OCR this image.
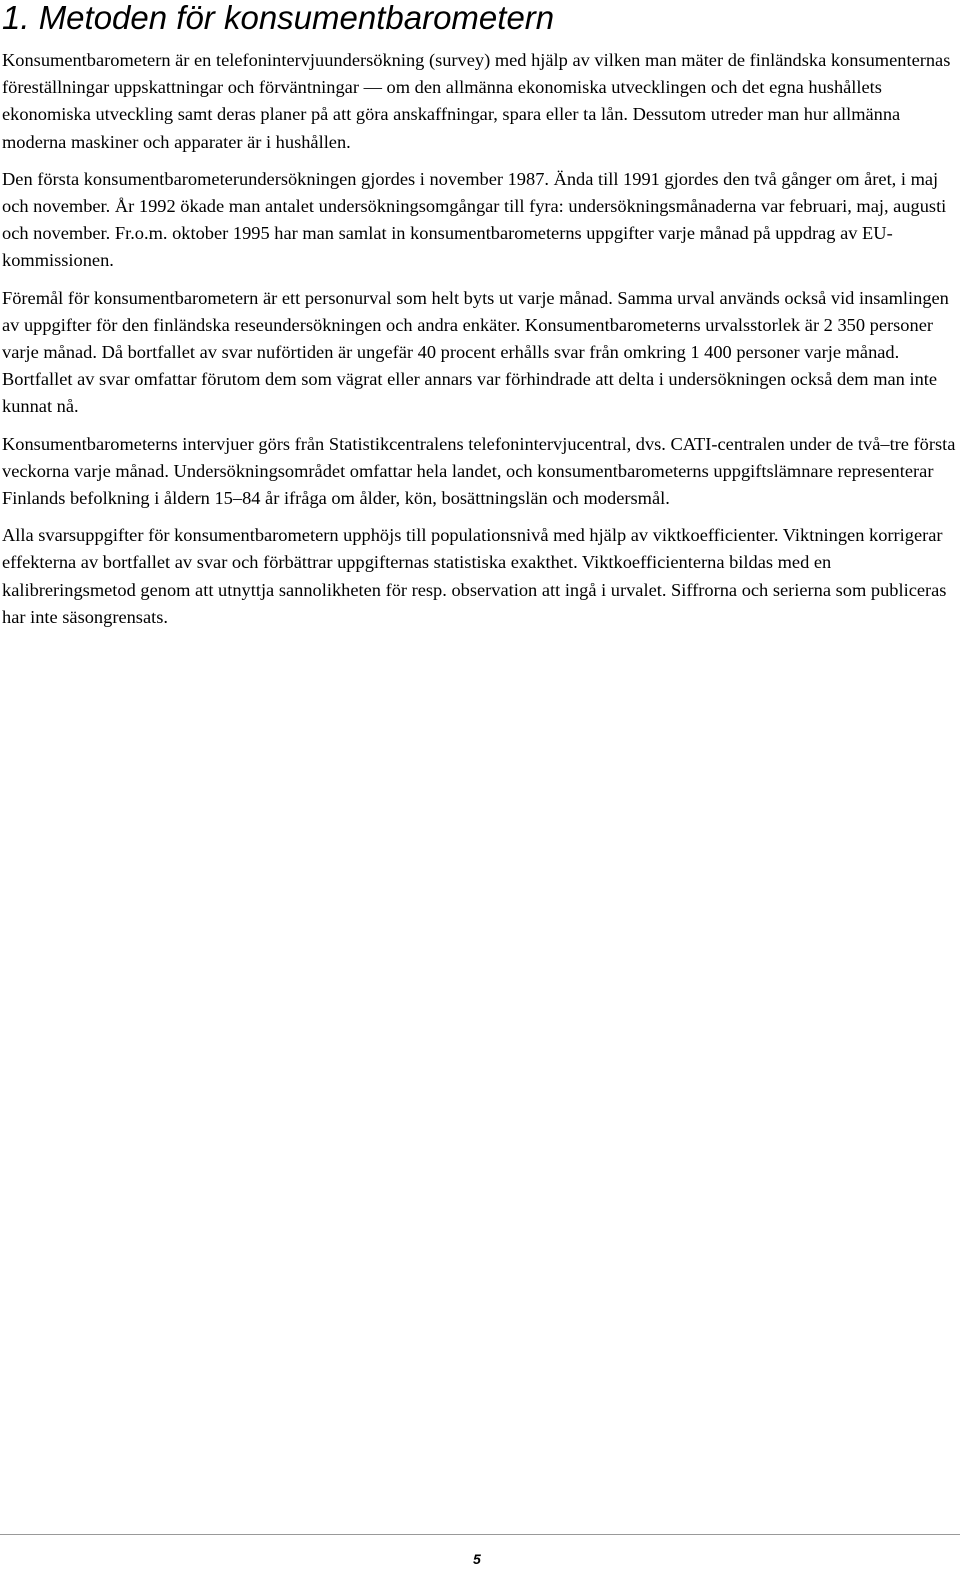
1. Metoden för konsumentbarometern

Konsumentbarometern är en telefonintervjuundersökning (survey) med hjälp av vilken man mäter de finländska konsumenternas föreställningar uppskattningar och förväntningar — om den allmänna ekonomiska utvecklingen och det egna hushållets ekonomiska utveckling samt deras planer på att göra anskaffningar, spara eller ta lån. Dessutom utreder man hur allmänna moderna maskiner och apparater är i hushållen.

Den första konsumentbarometerundersökningen gjordes i november 1987. Ända till 1991 gjordes den två gånger om året, i maj och november. År 1992 ökade man antalet undersökningsomgångar till fyra: undersökningsmånaderna var februari, maj, augusti och november. Fr.o.m. oktober 1995 har man samlat in konsumentbarometerns uppgifter varje månad på uppdrag av EU-kommissionen.

Föremål för konsumentbarometern är ett personurval som helt byts ut varje månad. Samma urval används också vid insamlingen av uppgifter för den finländska reseundersökningen och andra enkäter. Konsumentbarometerns urvalsstorlek är 2 350 personer varje månad. Då bortfallet av svar nuförtiden är ungefär 40 procent erhålls svar från omkring 1 400 personer varje månad. Bortfallet av svar omfattar förutom dem som vägrat eller annars var förhindrade att delta i undersökningen också dem man inte kunnat nå.

Konsumentbarometerns intervjuer görs från Statistikcentralens telefonintervjucentral, dvs. CATI-centralen under de två–tre första veckorna varje månad. Undersökningsområdet omfattar hela landet, och konsumentbarometerns uppgiftslämnare representerar Finlands befolkning i åldern 15–84 år ifråga om ålder, kön, bosättningslän och modersmål.

Alla svarsuppgifter för konsumentbarometern upphöjs till populationsnivå med hjälp av viktkoefficienter. Viktningen korrigerar effekterna av bortfallet av svar och förbättrar uppgifternas statistiska exakthet. Viktkoefficienterna bildas med en kalibreringsmetod genom att utnyttja sannolikheten för resp. observation att ingå i urvalet. Siffrorna och serierna som publiceras har inte säsongrensats.

5
